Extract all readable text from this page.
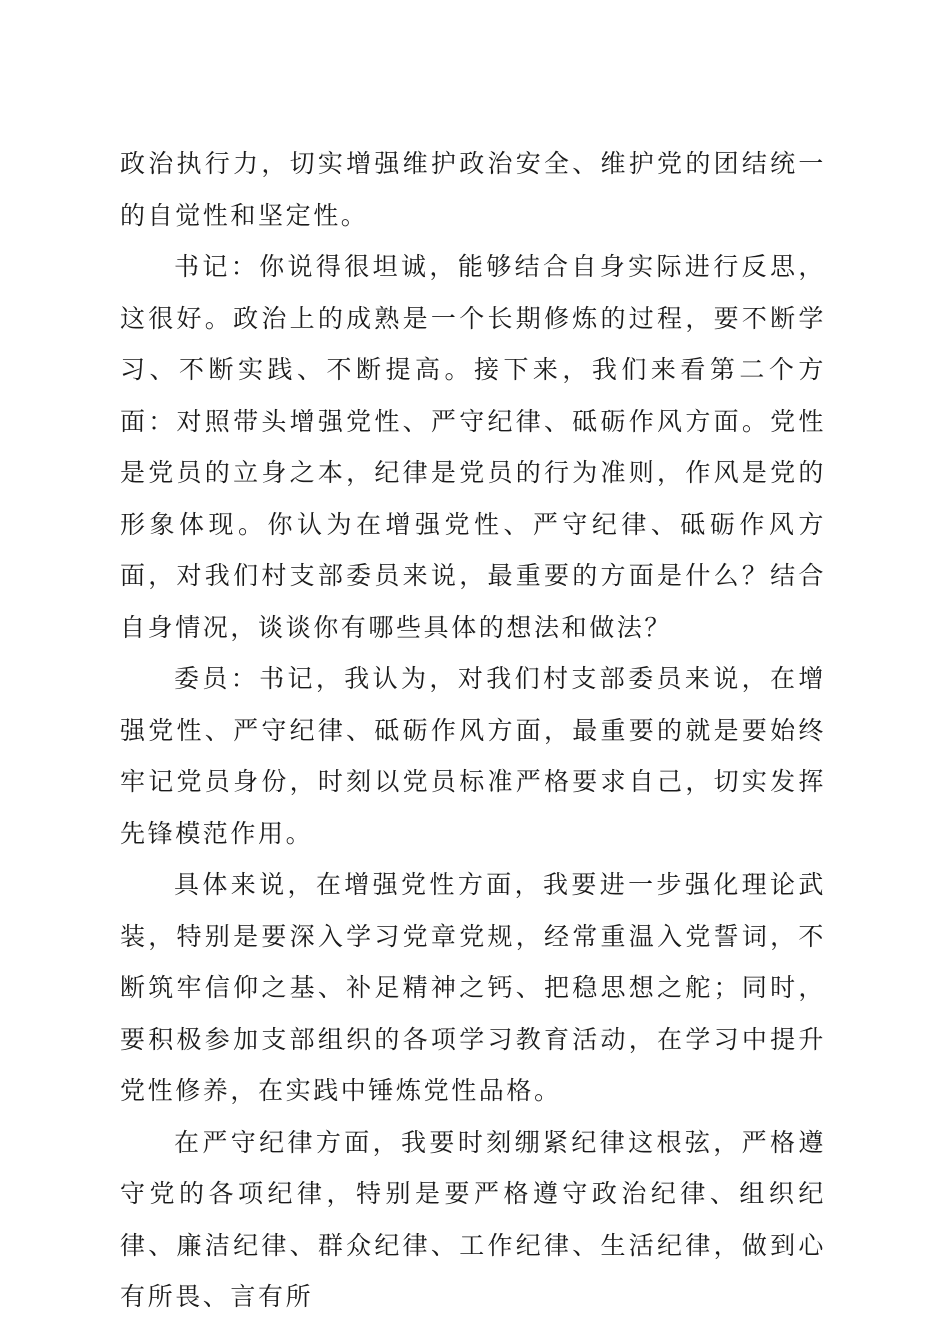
政治执行力，切实增强维护政治安全、维护党的团结统一的自觉性和坚定性。

书记：你说得很坦诚，能够结合自身实际进行反思，这很好。政治上的成熟是一个长期修炼的过程，要不断学习、不断实践、不断提高。接下来，我们来看第二个方面：对照带头增强党性、严守纪律、砥砺作风方面。党性是党员的立身之本，纪律是党员的行为准则，作风是党的形象体现。你认为在增强党性、严守纪律、砥砺作风方面，对我们村支部委员来说，最重要的方面是什么？结合自身情况，谈谈你有哪些具体的想法和做法？

委员：书记，我认为，对我们村支部委员来说，在增强党性、严守纪律、砥砺作风方面，最重要的就是要始终牢记党员身份，时刻以党员标准严格要求自己，切实发挥先锋模范作用。

具体来说，在增强党性方面，我要进一步强化理论武装，特别是要深入学习党章党规，经常重温入党誓词，不断筑牢信仰之基、补足精神之钙、把稳思想之舵；同时，要积极参加支部组织的各项学习教育活动，在学习中提升党性修养，在实践中锤炼党性品格。

在严守纪律方面，我要时刻绷紧纪律这根弦，严格遵守党的各项纪律，特别是要严格遵守政治纪律、组织纪律、廉洁纪律、群众纪律、工作纪律、生活纪律，做到心有所畏、言有所
